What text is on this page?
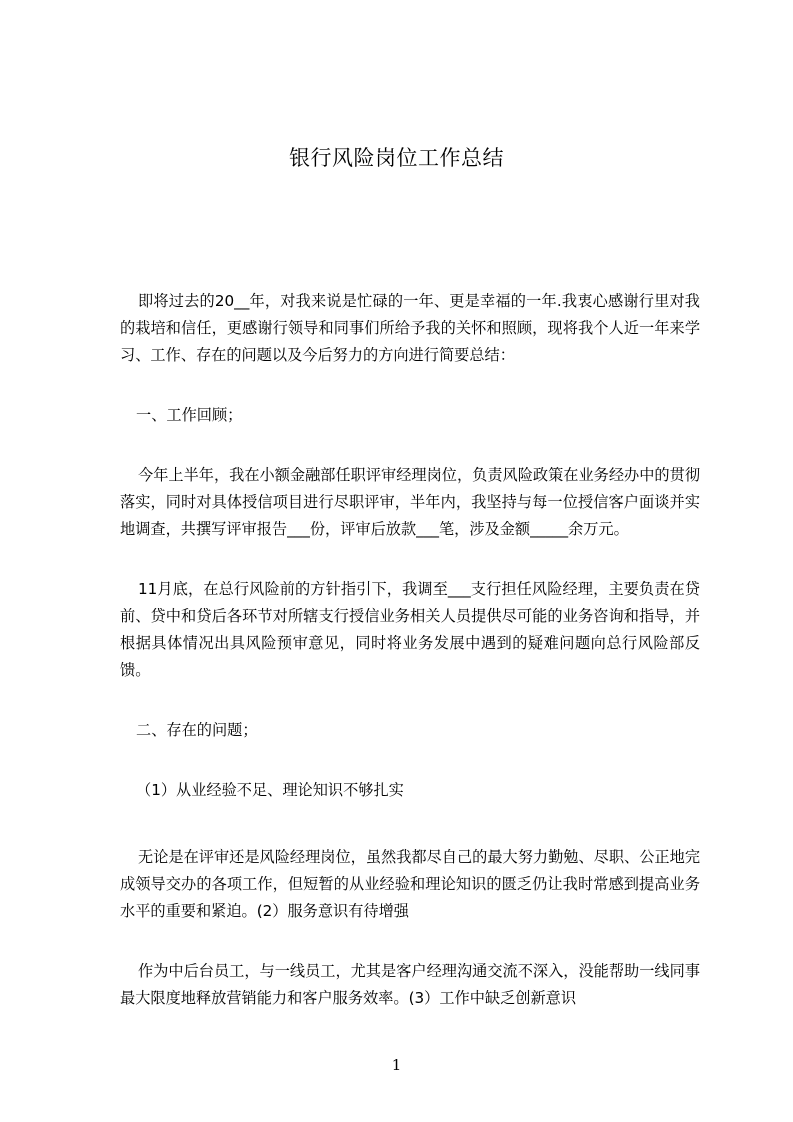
银行风险岗位工作总结

即将过去的20__年，对我来说是忙碌的一年、更是幸福的一年.我衷心感谢行里对我的栽培和信任，更感谢行领导和同事们所给予我的关怀和照顾，现将我个人近一年来学习、工作、存在的问题以及今后努力的方向进行简要总结：

一、工作回顾；

今年上半年，我在小额金融部任职评审经理岗位，负责风险政策在业务经办中的贯彻落实，同时对具体授信项目进行尽职评审，半年内，我坚持与每一位授信客户面谈并实地调查，共撰写评审报告___份，评审后放款___笔，涉及金额_____余万元。

11月底，在总行风险前的方针指引下，我调至___支行担任风险经理，主要负责在贷前、贷中和贷后各环节对所辖支行授信业务相关人员提供尽可能的业务咨询和指导，并根据具体情况出具风险预审意见，同时将业务发展中遇到的疑难问题向总行风险部反馈。

二、存在的问题；

（1）从业经验不足、理论知识不够扎实

无论是在评审还是风险经理岗位，虽然我都尽自己的最大努力勤勉、尽职、公正地完成领导交办的各项工作，但短暂的从业经验和理论知识的匮乏仍让我时常感到提高业务水平的重要和紧迫。(2）服务意识有待增强

作为中后台员工，与一线员工，尤其是客户经理沟通交流不深入，没能帮助一线同事最大限度地释放营销能力和客户服务效率。(3）工作中缺乏创新意识

1
